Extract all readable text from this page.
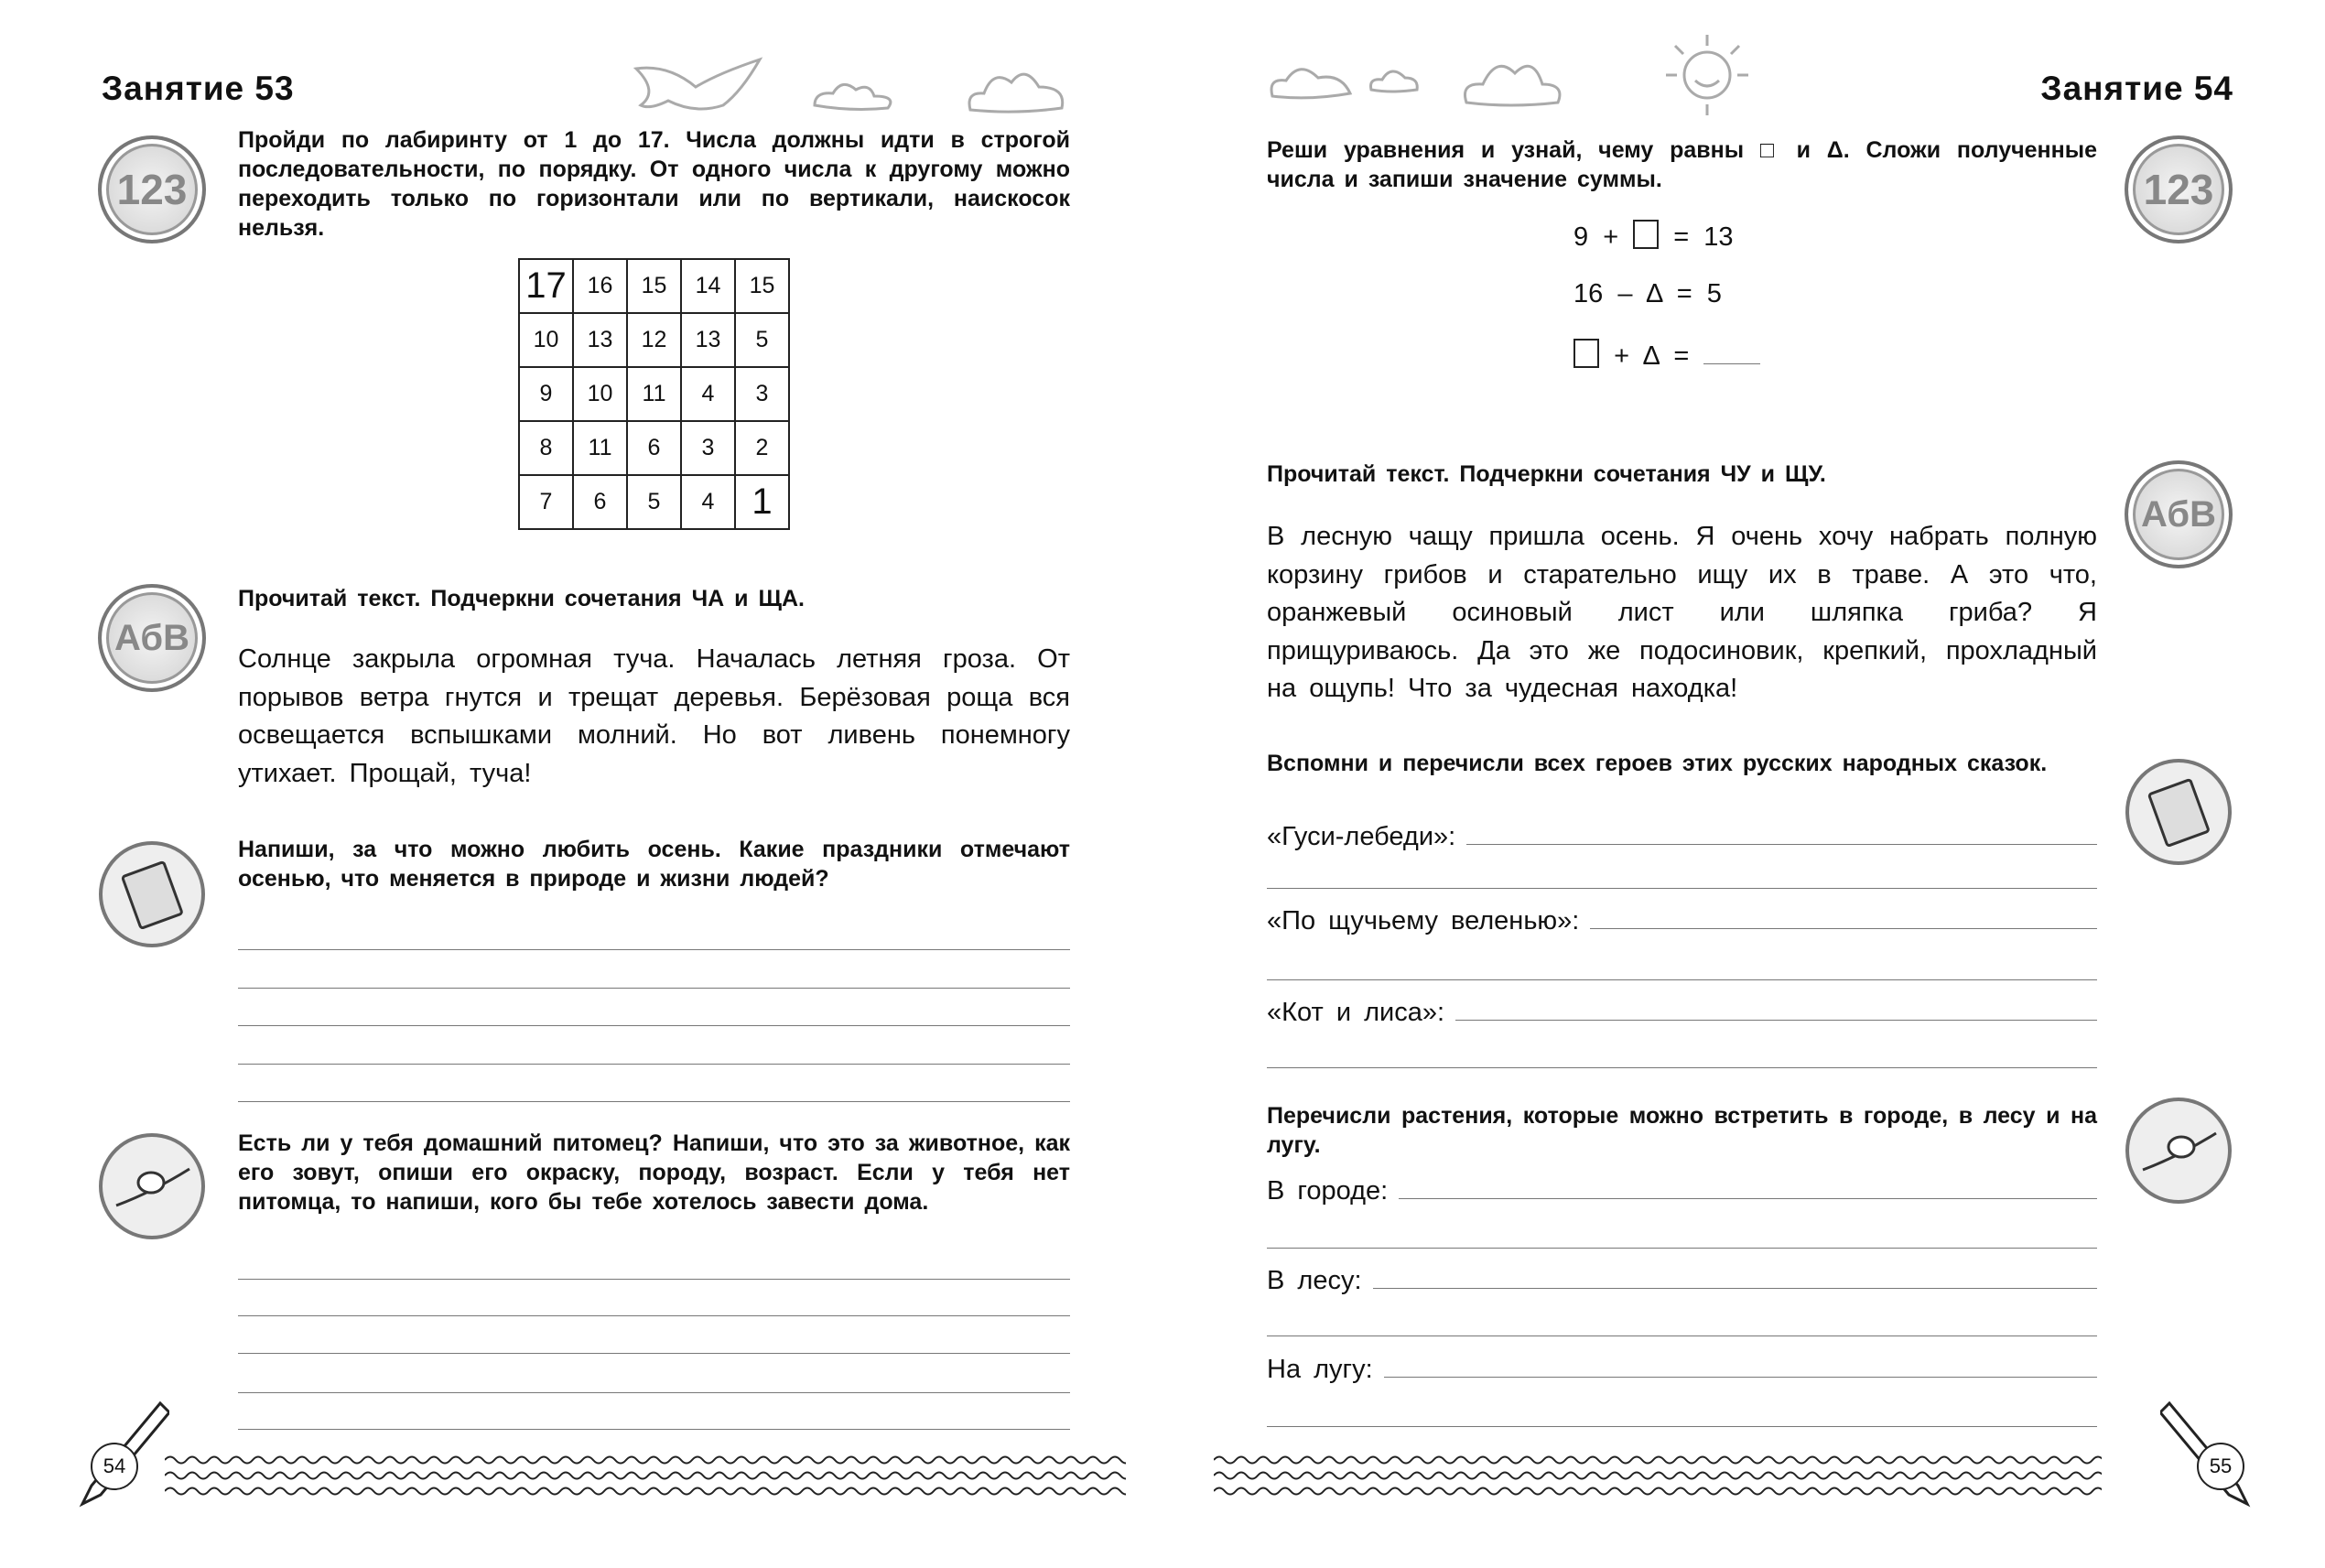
Занятие 53
123
Пройди по лабиринту от 1 до 17. Числа должны идти в строгой последовательности, по порядку. От одного числа к другому можно переходить только по горизонтали или по вертикали, наискосок нельзя.
17	16	15	14	15
10	13	12	13	5
9	10	11	4	3
8	11	6	3	2
7	6	5	4	1
АбВ
Прочитай текст. Подчеркни сочетания ЧА и ЩА.
Солнце закрыла огромная туча. Началась летняя гроза. От порывов ветра гнутся и трещат деревья. Берёзовая роща вся освещается вспышками молний. Но вот ливень понемногу утихает. Прощай, туча!
Напиши, за что можно любить осень. Какие праздники отмечают осенью, что меняется в природе и жизни людей?
Есть ли у тебя домашний питомец? Напиши, что это за животное, как его зовут, опиши его окраску, породу, возраст. Если у тебя нет питомца, то напиши, кого бы тебе хотелось завести дома.
54
Занятие 54
Реши уравнения и узнай, чему равны □ и Δ. Сложи полученные числа и запиши значение суммы.	123
9 + = 13
16 – Δ = 5
+ Δ =
Прочитай текст. Подчеркни сочетания ЧУ и ЩУ.
АбВ
В лесную чащу пришла осень. Я очень хочу набрать полную корзину грибов и старательно ищу их в траве. А это что, оранжевый осиновый лист или шляпка гриба? Я прищуриваюсь. Да это же подосиновик, крепкий, прохладный на ощупь! Что за чудесная находка!
Вспомни и перечисли всех героев этих русских народных сказок.
«Гуси-лебеди»:
«По щучьему веленью»:
«Кот и лиса»:
Перечисли растения, которые можно встретить в городе, в лесу и на лугу.
В городе:
В лесу:
На лугу:
55
